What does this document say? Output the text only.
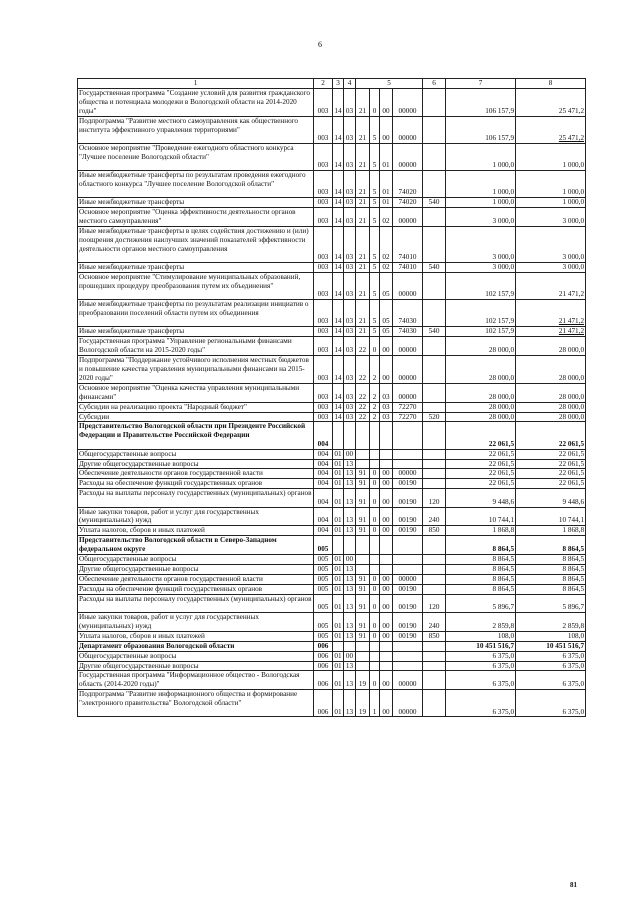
6
1	2	3	4	5				6	7	8
Государственная программа "Создание условий для развития гражданского общества и потенциала молодежи в Вологодской области на 2014-2020 годы"	003	14	03	21	0	00	00000		106 157,9	25 471,2
Подпрограмма "Развитие местного самоуправления как общественного института эффективного управления территориями"	003	14	03	21	5	00	00000		106 157,9	25 471,2
Основное мероприятие "Проведение ежегодного областного конкурса "Лучшее поселение Вологодской области"	003	14	03	21	5	01	00000		1 000,0	1 000,0
Иные межбюджетные трансферты по результатам проведения ежегодного областного конкурса "Лучшее поселение Вологодской области"	003	14	03	21	5	01	74020		1 000,0	1 000,0
Иные межбюджетные трансферты	003	14	03	21	5	01	74020	540	1 000,0	1 000,0
Основное мероприятие "Оценка эффективности деятельности органов местного самоуправления"	003	14	03	21	5	02	00000		3 000,0	3 000,0
Иные межбюджетные трансферты в целях содействия достижению и (или) поощрения достижения наилучших значений показателей эффективности деятельности органов местного самоуправления	003	14	03	21	5	02	74010		3 000,0	3 000,0
Иные межбюджетные трансферты	003	14	03	21	5	02	74010	540	3 000,0	3 000,0
Основное мероприятие "Стимулирование муниципальных образований, прошедших процедуру преобразования путем их объединения"	003	14	03	21	5	05	00000		102 157,9	21 471,2
Иные межбюджетные трансферты по результатам реализации инициатив о преобразовании поселений области путем их объединения	003	14	03	21	5	05	74030		102 157,9	21 471,2
Иные межбюджетные трансферты	003	14	03	21	5	05	74030	540	102 157,9	21 471,2
Государственная программа "Управление региональными финансами Вологодской области на 2015-2020 годы"	003	14	03	22	0	00	00000		28 000,0	28 000,0
Подпрограмма "Поддержание устойчивого исполнения местных бюджетов и повышение качества управления муниципальными финансами на 2015-2020 годы"	003	14	03	22	2	00	00000		28 000,0	28 000,0
Основное мероприятие "Оценка качества управления муниципальными финансами"	003	14	03	22	2	03	00000		28 000,0	28 000,0
Субсидии на реализацию проекта "Народный бюджет"	003	14	03	22	2	03	72270		28 000,0	28 000,0
Субсидии	003	14	03	22	2	03	72270	520	28 000,0	28 000,0
Представительство Вологодской области при Президенте Российской Федерации и Правительстве Российской Федерации	004								22 061,5	22 061,5
Общегосударственные вопросы	004	01	00						22 061,5	22 061,5
Другие общегосударственные вопросы	004	01	13						22 061,5	22 061,5
Обеспечение деятельности органов государственной власти	004	01	13	91	0	00	00000		22 061,5	22 061,5
Расходы на обеспечение функций государственных органов	004	01	13	91	0	00	00190		22 061,5	22 061,5
Расходы на выплаты персоналу государственных (муниципальных) органов	004	01	13	91	0	00	00190	120	9 448,6	9 448,6
Иные закупки товаров, работ и услуг для государственных (муниципальных) нужд	004	01	13	91	0	00	00190	240	10 744,1	10 744,1
Уплата налогов, сборов и иных платежей	004	01	13	91	0	00	00190	850	1 868,8	1 868,8
Представительство Вологодской области в Северо-Западном федеральном округе	005								8 864,5	8 864,5
Общегосударственные вопросы	005	01	00						8 864,5	8 864,5
Другие общегосударственные вопросы	005	01	13						8 864,5	8 864,5
Обеспечение деятельности органов государственной власти	005	01	13	91	0	00	00000		8 864,5	8 864,5
Расходы на обеспечение функций государственных органов	005	01	13	91	0	00	00190		8 864,5	8 864,5
Расходы на выплаты персоналу государственных (муниципальных) органов	005	01	13	91	0	00	00190	120	5 896,7	5 896,7
Иные закупки товаров, работ и услуг для государственных (муниципальных) нужд	005	01	13	91	0	00	00190	240	2 859,8	2 859,8
Уплата налогов, сборов и иных платежей	005	01	13	91	0	00	00190	850	108,0	108,0
Департамент образования Вологодской области	006								10 451 516,7	10 451 516,7
Общегосударственные вопросы	006	01	00						6 375,0	6 375,0
Другие общегосударственные вопросы	006	01	13						6 375,0	6 375,0
Государственная программа "Информационное общество - Вологодская область (2014-2020 годы)"	006	01	13	19	0	00	00000		6 375,0	6 375,0
Подпрограмма "Развитие информационного общества и формирование "электронного правительства" Вологодской области"	006	01	13	19	1	00	00000		6 375,0	6 375,0
81
